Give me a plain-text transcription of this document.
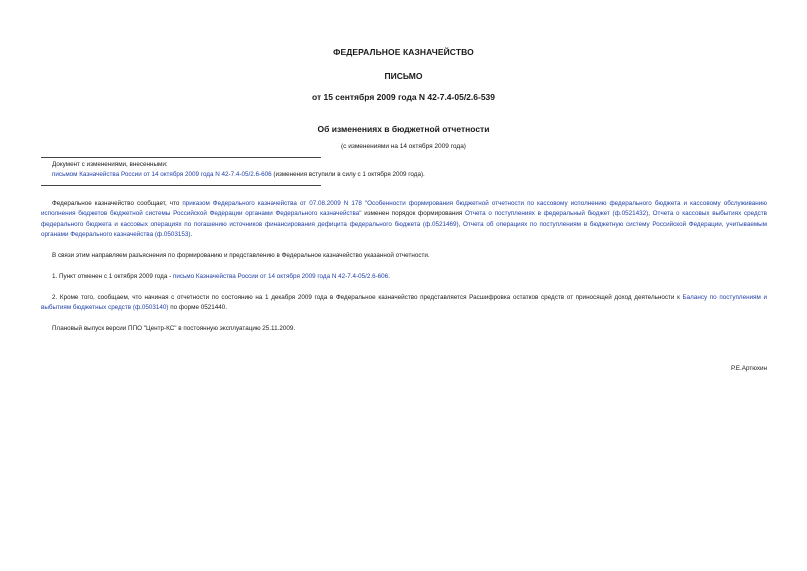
ФЕДЕРАЛЬНОЕ КАЗНАЧЕЙСТВО
ПИСЬМО
от 15 сентября 2009 года N 42-7.4-05/2.6-539
Об изменениях в бюджетной отчетности
(с изменениями на 14 октября 2009 года)
Документ с изменениями, внесенными:
письмом Казначейства России от 14 октября 2009 года N 42-7.4-05/2.6-606 (изменения вступили в силу с 1 октября 2009 года).
Федеральное казначейство сообщает, что приказом Федерального казначейства от 07.08.2009 N 178 "Особенности формирования бюджетной отчетности по кассовому исполнению федерального бюджета и кассовому обслуживанию исполнения бюджетов бюджетной системы Российской Федерации органами Федерального казначейства" изменен порядок формирования Отчета о поступлениях в федеральный бюджет (ф.0521432), Отчета о кассовых выбытиях средств федерального бюджета и кассовых операциях по погашению источников финансирования дефицита федерального бюджета (ф.0521469), Отчета об операциях по поступлениям в бюджетную систему Российской Федерации, учитываемым органами Федерального казначейства (ф.0503153).
В связи этим направляем разъяснения по формированию и представлению в Федеральное казначейство указанной отчетности.
1. Пункт отменен с 1 октября 2009 года - письмо Казначейства России от 14 октября 2009 года N 42-7.4-05/2.6-606.
2. Кроме того, сообщаем, что начиная с отчетности по состоянию на 1 декабря 2009 года в Федеральное казначейство представляется Расшифровка остатков средств от приносящей доход деятельности к Балансу по поступлениям и выбытиям бюджетных средств (ф.0503140) по форме 0521440.
Плановый выпуск версии ППО "Центр-КС" в постоянную эксплуатацию 25.11.2009.
Р.Е.Артюхин
